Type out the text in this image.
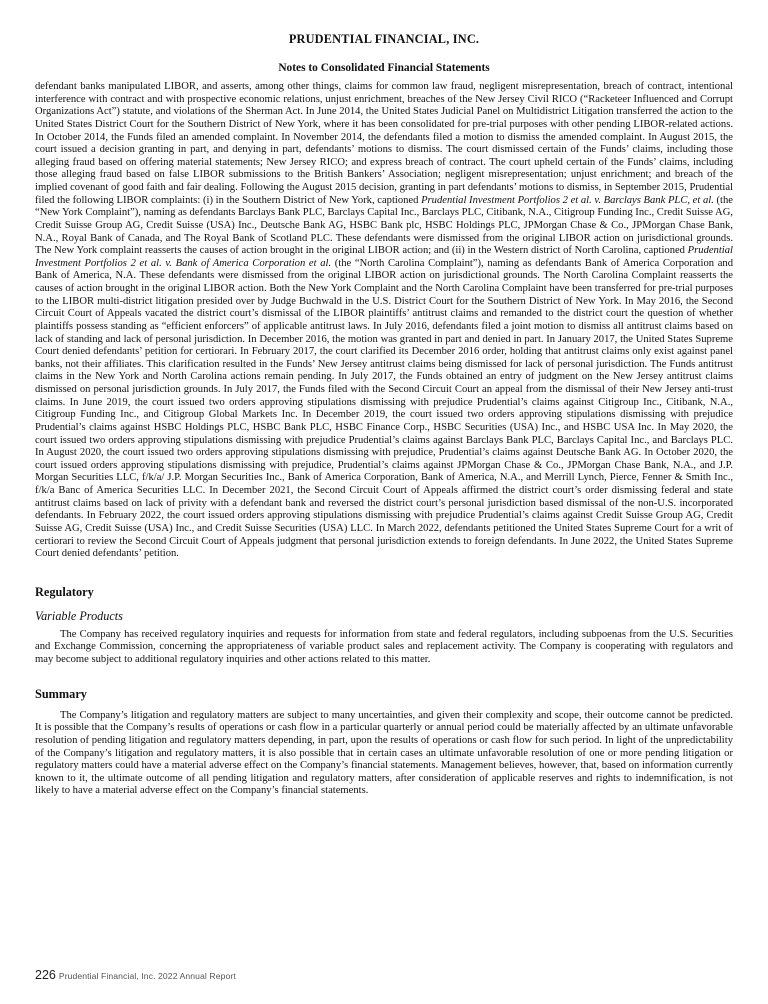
PRUDENTIAL FINANCIAL, INC.
Notes to Consolidated Financial Statements

defendant banks manipulated LIBOR, and asserts, among other things, claims for common law fraud, negligent misrepresentation, breach of contract, intentional interference with contract and with prospective economic relations, unjust enrichment, breaches of the New Jersey Civil RICO (“Racketeer Influenced and Corrupt Organizations Act”) statute, and violations of the Sherman Act. In June 2014, the United States Judicial Panel on Multidistrict Litigation transferred the action to the United States District Court for the Southern District of New York, where it has been consolidated for pre-trial purposes with other pending LIBOR-related actions. In October 2014, the Funds filed an amended complaint. In November 2014, the defendants filed a motion to dismiss the amended complaint. In August 2015, the court issued a decision granting in part, and denying in part, defendants’ motions to dismiss. The court dismissed certain of the Funds’ claims, including those alleging fraud based on offering material statements; New Jersey RICO; and express breach of contract. The court upheld certain of the Funds’ claims, including those alleging fraud based on false LIBOR submissions to the British Bankers’ Association; negligent misrepresentation; unjust enrichment; and breach of the implied covenant of good faith and fair dealing. Following the August 2015 decision, granting in part defendants’ motions to dismiss, in September 2015, Prudential filed the following LIBOR complaints: (i) in the Southern District of New York, captioned Prudential Investment Portfolios 2 et al. v. Barclays Bank PLC, et al. (the “New York Complaint”), naming as defendants Barclays Bank PLC, Barclays Capital Inc., Barclays PLC, Citibank, N.A., Citigroup Funding Inc., Credit Suisse AG, Credit Suisse Group AG, Credit Suisse (USA) Inc., Deutsche Bank AG, HSBC Bank plc, HSBC Holdings PLC, JPMorgan Chase & Co., JPMorgan Chase Bank, N.A., Royal Bank of Canada, and The Royal Bank of Scotland PLC. These defendants were dismissed from the original LIBOR action on jurisdictional grounds. The New York complaint reasserts the causes of action brought in the original LIBOR action; and (ii) in the Western district of North Carolina, captioned Prudential Investment Portfolios 2 et al. v. Bank of America Corporation et al. (the “North Carolina Complaint”), naming as defendants Bank of America Corporation and Bank of America, N.A. These defendants were dismissed from the original LIBOR action on jurisdictional grounds. The North Carolina Complaint reasserts the causes of action brought in the original LIBOR action. Both the New York Complaint and the North Carolina Complaint have been transferred for pre-trial purposes to the LIBOR multi-district litigation presided over by Judge Buchwald in the U.S. District Court for the Southern District of New York. In May 2016, the Second Circuit Court of Appeals vacated the district court’s dismissal of the LIBOR plaintiffs’ antitrust claims and remanded to the district court the question of whether plaintiffs possess standing as “efficient enforcers” of applicable antitrust laws. In July 2016, defendants filed a joint motion to dismiss all antitrust claims based on lack of standing and lack of personal jurisdiction. In December 2016, the motion was granted in part and denied in part. In January 2017, the United States Supreme Court denied defendants’ petition for certiorari. In February 2017, the court clarified its December 2016 order, holding that antitrust claims only exist against panel banks, not their affiliates. This clarification resulted in the Funds’ New Jersey antitrust claims being dismissed for lack of personal jurisdiction. The Funds antitrust claims in the New York and North Carolina actions remain pending. In July 2017, the Funds obtained an entry of judgment on the New Jersey antitrust claims dismissed on personal jurisdiction grounds. In July 2017, the Funds filed with the Second Circuit Court an appeal from the dismissal of their New Jersey anti-trust claims. In June 2019, the court issued two orders approving stipulations dismissing with prejudice Prudential’s claims against Citigroup Inc., Citibank, N.A., Citigroup Funding Inc., and Citigroup Global Markets Inc. In December 2019, the court issued two orders approving stipulations dismissing with prejudice Prudential’s claims against HSBC Holdings PLC, HSBC Bank PLC, HSBC Finance Corp., HSBC Securities (USA) Inc., and HSBC USA Inc. In May 2020, the court issued two orders approving stipulations dismissing with prejudice Prudential’s claims against Barclays Bank PLC, Barclays Capital Inc., and Barclays PLC. In August 2020, the court issued two orders approving stipulations dismissing with prejudice, Prudential’s claims against Deutsche Bank AG. In October 2020, the court issued orders approving stipulations dismissing with prejudice, Prudential’s claims against JPMorgan Chase & Co., JPMorgan Chase Bank, N.A., and J.P. Morgan Securities LLC, f/k/a/ J.P. Morgan Securities Inc., Bank of America Corporation, Bank of America, N.A., and Merrill Lynch, Pierce, Fenner & Smith Inc., f/k/a Banc of America Securities LLC. In December 2021, the Second Circuit Court of Appeals affirmed the district court’s order dismissing federal and state antitrust claims based on lack of privity with a defendant bank and reversed the district court’s personal jurisdiction based dismissal of the non-U.S. incorporated defendants. In February 2022, the court issued orders approving stipulations dismissing with prejudice Prudential’s claims against Credit Suisse Group AG, Credit Suisse AG, Credit Suisse (USA) Inc., and Credit Suisse Securities (USA) LLC. In March 2022, defendants petitioned the United States Supreme Court for a writ of certiorari to review the Second Circuit Court of Appeals judgment that personal jurisdiction extends to foreign defendants. In June 2022, the United States Supreme Court denied defendants’ petition.

Regulatory
Variable Products

The Company has received regulatory inquiries and requests for information from state and federal regulators, including subpoenas from the U.S. Securities and Exchange Commission, concerning the appropriateness of variable product sales and replacement activity. The Company is cooperating with regulators and may become subject to additional regulatory inquiries and other actions related to this matter.

Summary

The Company’s litigation and regulatory matters are subject to many uncertainties, and given their complexity and scope, their outcome cannot be predicted. It is possible that the Company’s results of operations or cash flow in a particular quarterly or annual period could be materially affected by an ultimate unfavorable resolution of pending litigation and regulatory matters depending, in part, upon the results of operations or cash flow for such period. In light of the unpredictability of the Company’s litigation and regulatory matters, it is also possible that in certain cases an ultimate unfavorable resolution of one or more pending litigation or regulatory matters could have a material adverse effect on the Company’s financial statements. Management believes, however, that, based on information currently known to it, the ultimate outcome of all pending litigation and regulatory matters, after consideration of applicable reserves and rights to indemnification, is not likely to have a material adverse effect on the Company’s financial statements.

226 Prudential Financial, Inc. 2022 Annual Report
